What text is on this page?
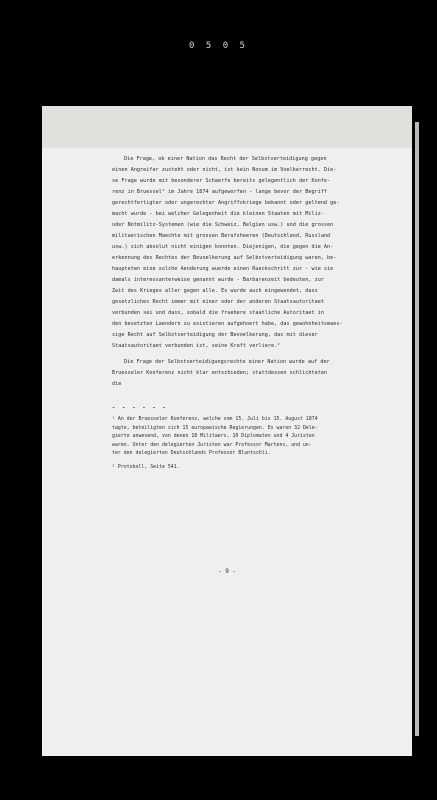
0 5 0 5
Die Frage, ob einer Nation das Recht der Selbstverteidigung gegen
einen Angreifer zusteht oder nicht, ist kein Novum im Voelkerrecht. Die-
se Frage wurde mit besonderer Schaerfe bereits gelegentlich der Konfe-
renz in Bruessel¹ im Jahre 1874 aufgeworfen - lange bevor der Begriff
gerechtfertigter oder ungerechter Angriffskriege bekannt oder geltend ge-
macht wurde - bei welcher Gelegenheit die kleinen Staaten mit Miliz-
oder Notmilitz-Systemen (wie die Schweiz, Belgien usw.) und die grossen
militaerischen Maechte mit grossen Berufsheeren (Deutschland, Russland
usw.) sich absolut nicht einigen konnten. Diejenigen, die gegen die An-
erkennung des Rechtes der Bevoelkerung auf Selbstverteidigung waren, be-
haupteten eine solche Aenderung wuerde einen Rueckschritt zur - wie sie
damals interessanterweise genannt wurde - Barbarenzeit bedeuten, zur
Zeit des Krieges aller gegen alle. Es wurde auch eingewendet, dass
gesetzliches Recht immer mit einer oder der anderen Staatsautoritaet
verbunden sei und dass, sobald die fruehere staatliche Autoritaet in
den besetzten Laendern zu existieren aufgehoert habe, das gewohnheitsmaes-
sige Recht auf Selbstverteidigung der Bevoelkerung, das mit dieser
Staatsautoritaet verbunden ist, seine Kraft verliere.²
Die Frage der Selbstverteidigungsrechte einer Nation wurde auf der
Bruesseler Konferenz nicht klar entschieden; stattdessen schlichteten
die
- - - - - -
¹ An der Bruesseler Konferenz, welche vom 15. Juli bis 15. August 1874
tagte, beteiligten sich 15 europaeische Regierungen. Es waren 32 Dele-
gierte anwesend, von denen 18 Militaers, 10 Diplomaten und 4 Juristen
waren. Unter den delegierten Juristen war Professor Martens, und un-
ter den delegierten Deutschlands Professor Bluntschli.
² Protokoll, Seite 541.
- 9 -
